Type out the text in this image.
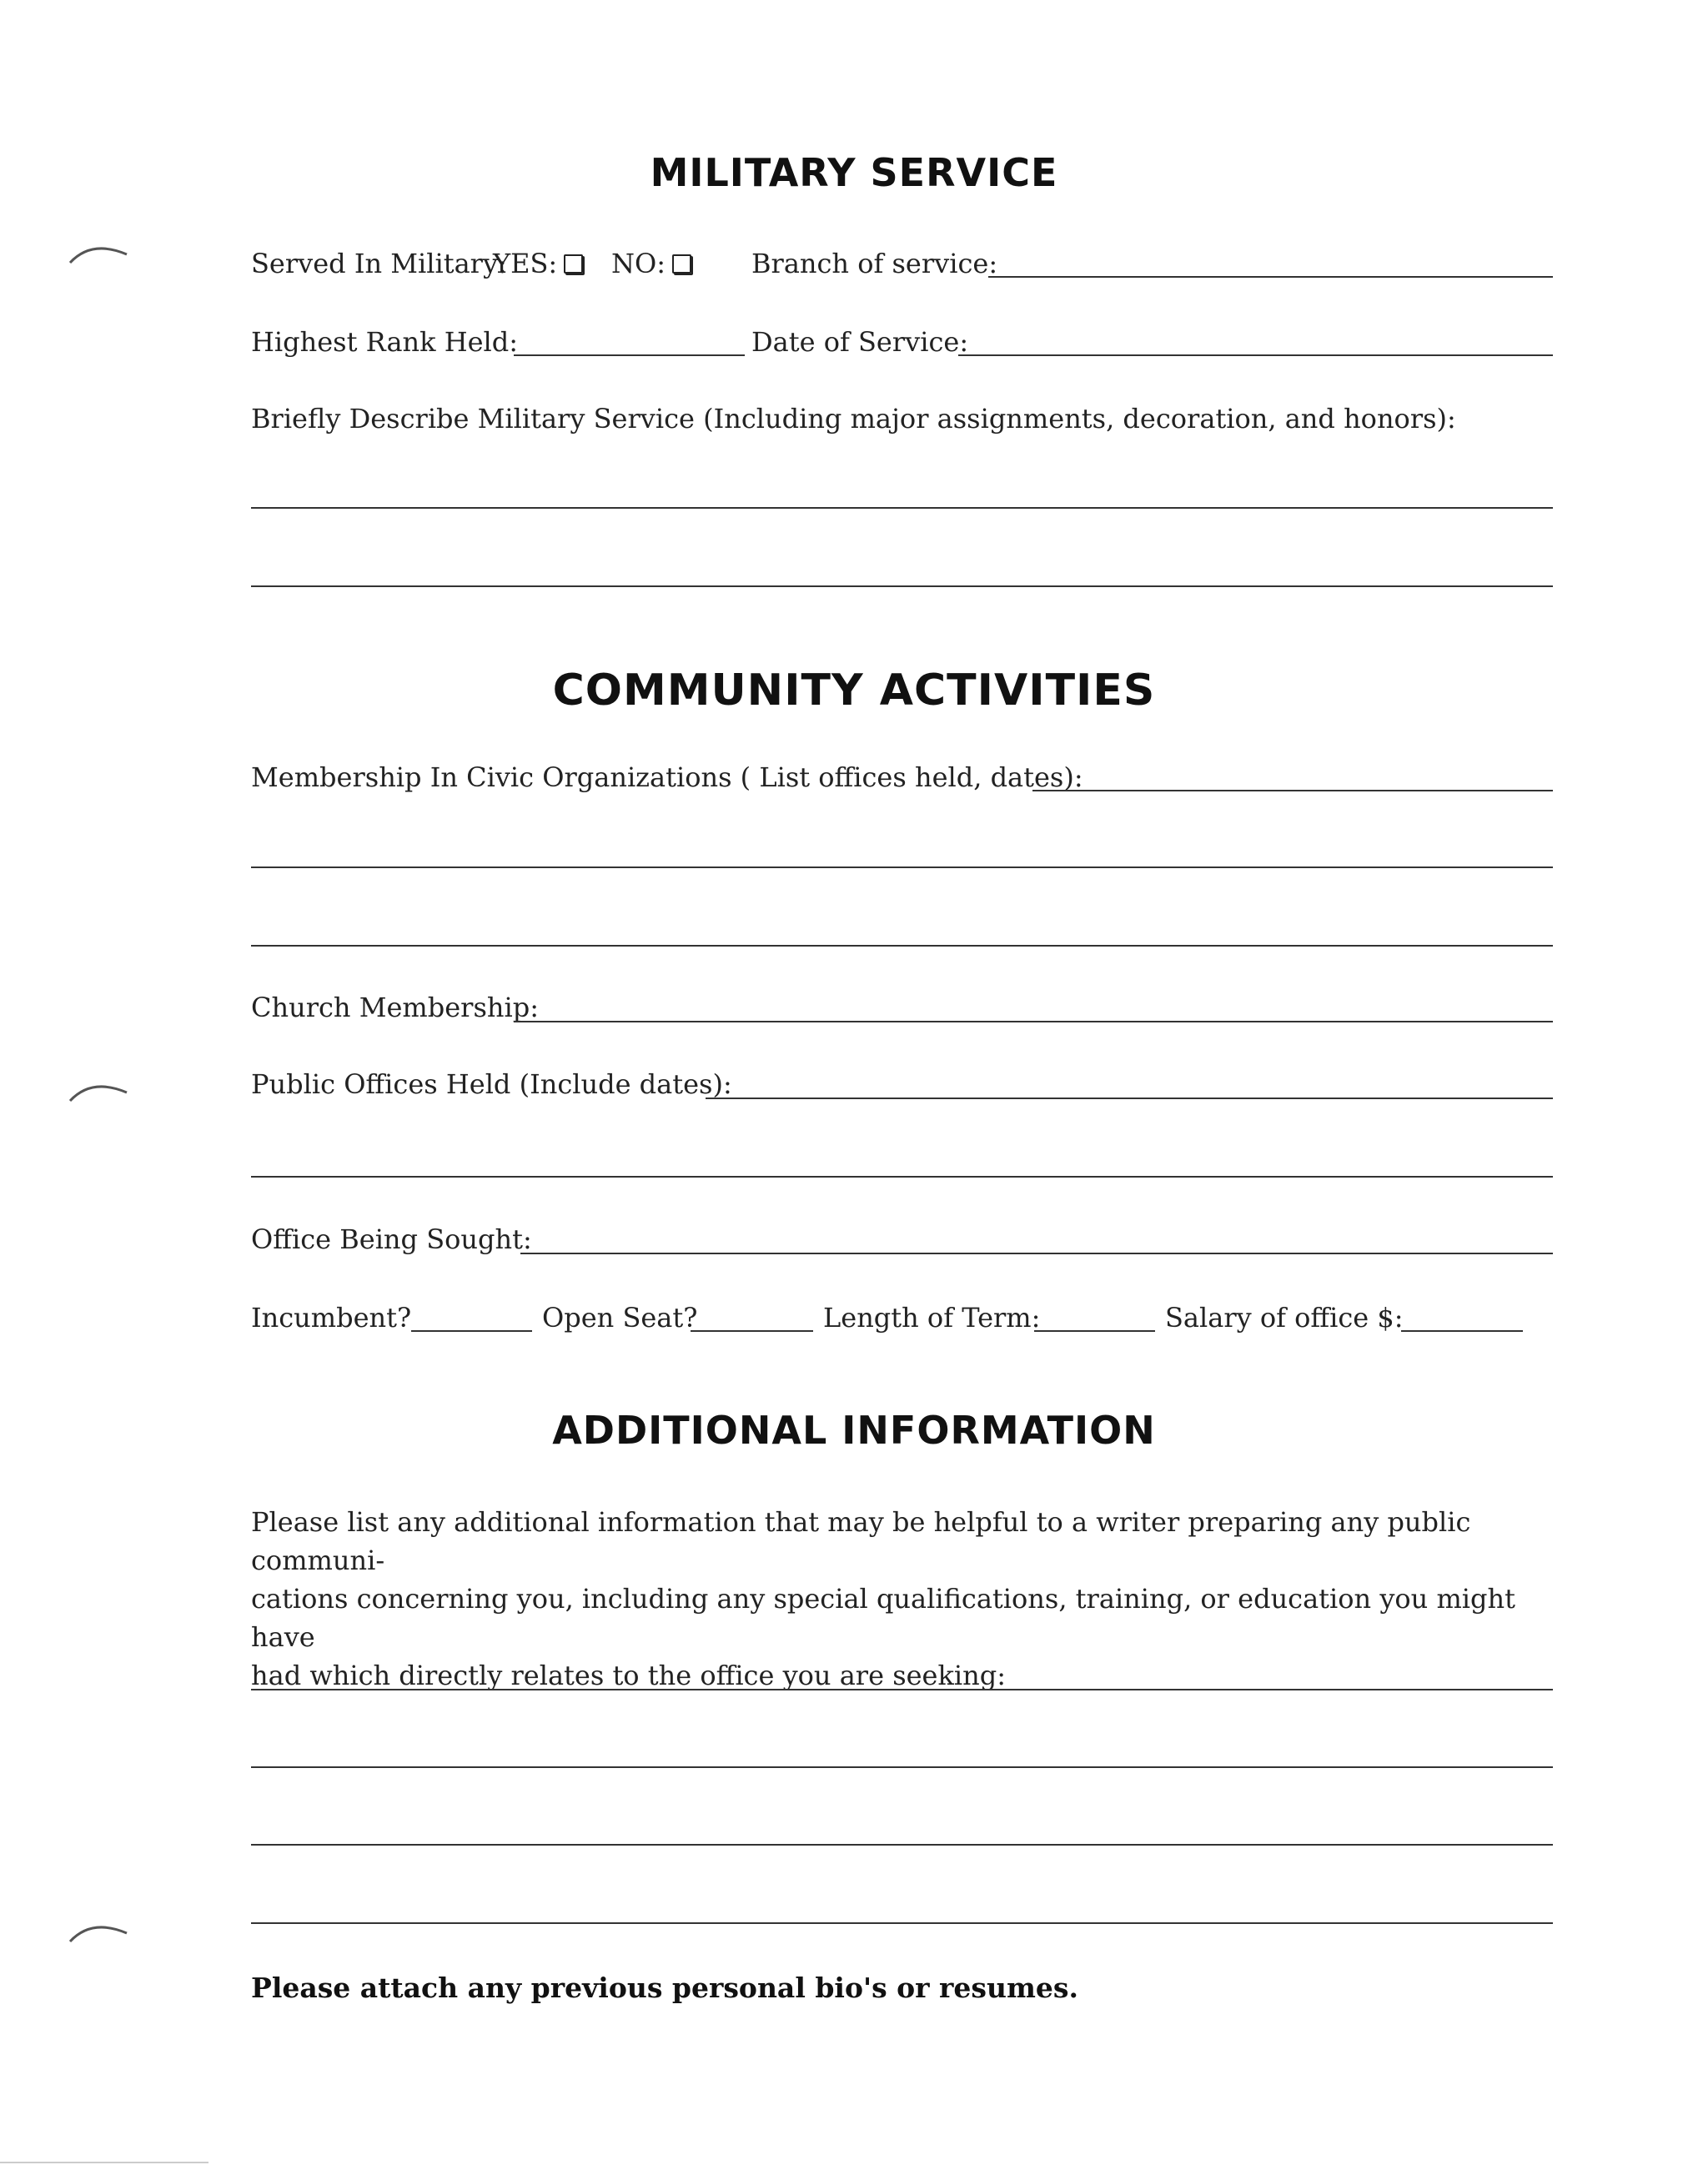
MILITARY SERVICE
Served In Military:
YES:	NO:	Branch of service:
Highest Rank Held:	Date of Service:
Briefly Describe Military Service (Including major assignments, decoration, and honors):
COMMUNITY ACTIVITIES
Membership In Civic Organizations ( List offices held, dates):
Church Membership:
Public Offices Held (Include dates):
Office Being Sought:
Incumbent?	Open Seat?	Length of Term:	Salary of office $:
ADDITIONAL INFORMATION
Please list any additional information that may be helpful to a writer preparing any public communi-
cations concerning you, including any special qualifications, training, or education you might have
had which directly relates to the office you are seeking:
Please attach any previous personal bio's or resumes.
